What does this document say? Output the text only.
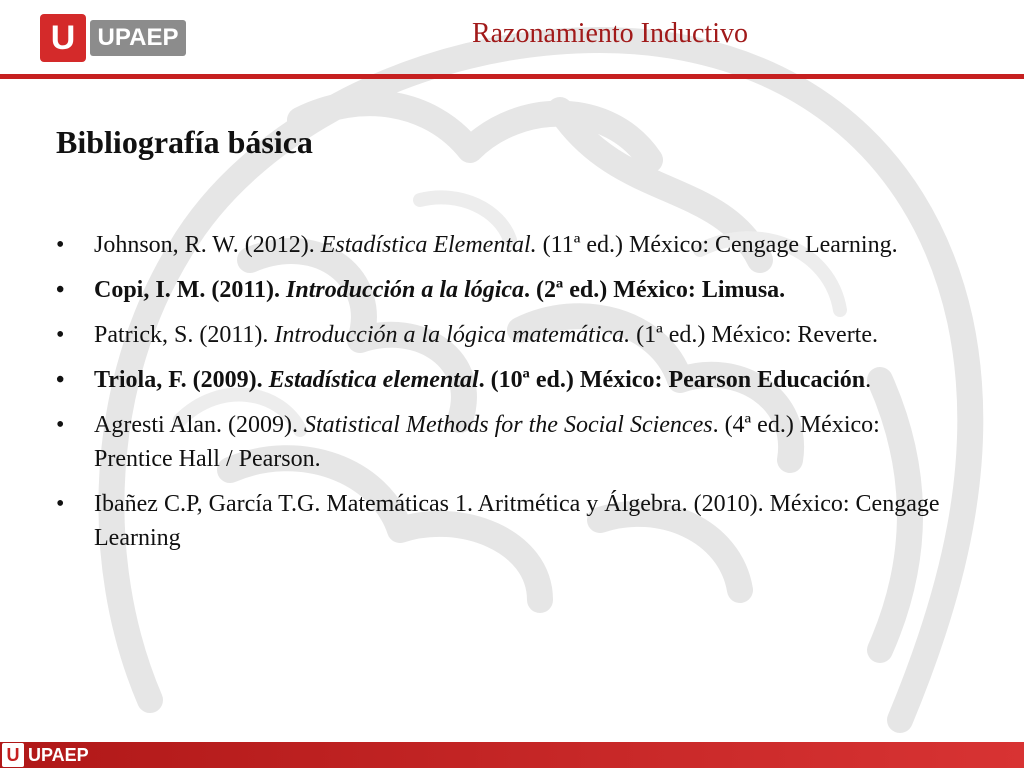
U UPAEP	Razonamiento Inductivo
Bibliografía básica
•	Johnson, R. W. (2012). Estadística Elemental. (11ª ed.) México: Cengage Learning.
•	Copi, I. M. (2011). Introducción a la lógica. (2ª ed.) México: Limusa.
•	Patrick, S. (2011). Introducción a la lógica matemática. (1ª ed.) México: Reverte.
•	Triola, F. (2009). Estadística elemental. (10ª ed.) México: Pearson Educación.
•	Agresti Alan. (2009). Statistical Methods for the Social Sciences. (4ª ed.) México: Prentice Hall / Pearson.
•	Ibañez C.P, García T.G. Matemáticas 1. Aritmética y Álgebra. (2010). México: Cengage Learning
U UPAEP
